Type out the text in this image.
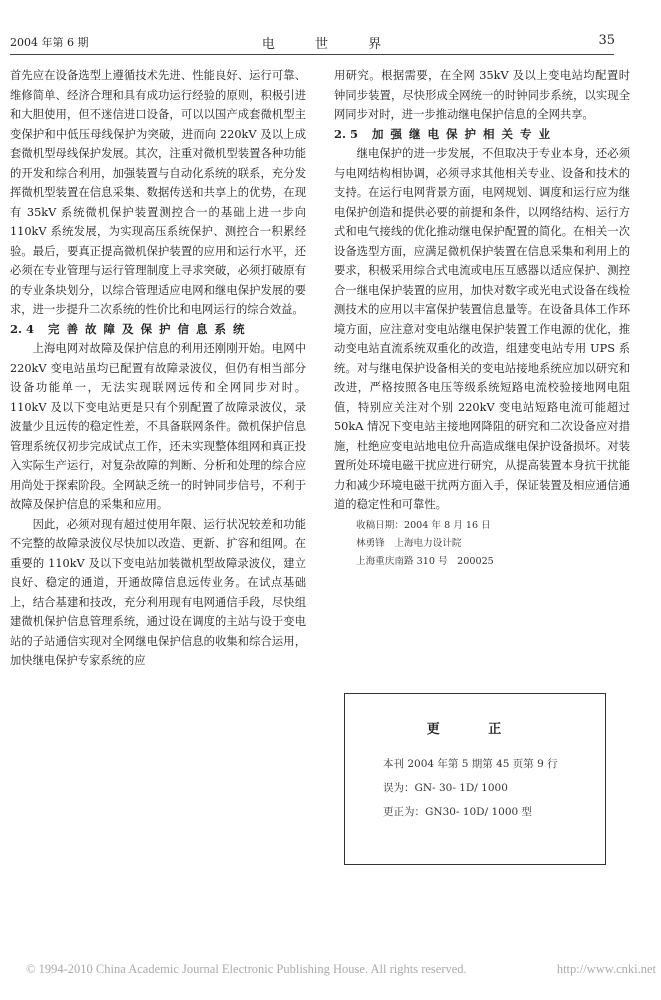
2004 年第 6 期	电 世 界	35

首先应在设备选型上遵循技术先进、性能良好、运行可靠、维修简单、经济合理和具有成功运行经验的原则，积极引进和大胆使用，但不迷信进口设备，可以以国产成套微机型主变保护和中低压母线保护为突破，进而向 220kV 及以上成套微机型母线保护发展。其次，注重对微机型装置各种功能的开发和综合利用，加强装置与自动化系统的联系，充分发挥微机型装置在信息采集、数据传送和共享上的优势，在现有 35kV 系统微机保护装置测控合一的基础上进一步向 110kV 系统发展，为实现高压系统保护、测控合一积累经验。最后，要真正提高微机保护装置的应用和运行水平，还必须在专业管理与运行管理制度上寻求突破，必须打破原有的专业条块划分，以综合管理适应电网和继电保护发展的要求，进一步提升二次系统的性价比和电网运行的综合效益。

2. 4 完善故障及保护信息系统

上海电网对故障及保护信息的利用还刚刚开始。电网中 220kV 变电站虽均已配置有故障录波仪，但仍有相当部分设备功能单一，无法实现联网远传和全网同步对时。110kV 及以下变电站更是只有个别配置了故障录波仪，录波量少且远传的稳定性差，不具备联网条件。微机保护信息管理系统仅初步完成试点工作，还未实现整体组网和真正投入实际生产运行，对复杂故障的判断、分析和处理的综合应用尚处于探索阶段。全网缺乏统一的时钟同步信号，不利于故障及保护信息的采集和应用。

因此，必须对现有超过使用年限、运行状况较差和功能不完整的故障录波仪尽快加以改造、更新、扩容和组网。在重要的 110kV 及以下变电站加装微机型故障录波仪，建立良好、稳定的通道，开通故障信息远传业务。在试点基础上，结合基建和技改，充分利用现有电网通信手段，尽快组建微机保护信息管理系统，通过设在调度的主站与设于变电站的子站通信实现对全网继电保护信息的收集和综合运用，加快继电保护专家系统的应

用研究。根据需要，在全网 35kV 及以上变电站均配置时钟同步装置，尽快形成全网统一的时钟同步系统，以实现全网同步对时，进一步推动继电保护信息的全网共享。

2. 5 加强继电保护相关专业

继电保护的进一步发展，不但取决于专业本身，还必须与电网结构相协调，必须寻求其他相关专业、设备和技术的支持。在运行电网背景方面，电网规划、调度和运行应为继电保护创造和提供必要的前提和条件，以网络结构、运行方式和电气接线的优化推动继电保护配置的简化。在相关一次设备选型方面，应满足微机保护装置在信息采集和利用上的要求，积极采用综合式电流或电压互感器以适应保护、测控合一继电保护装置的应用，加快对数字或光电式设备在线检测技术的应用以丰富保护装置信息量等。在设备具体工作环境方面，应注意对变电站继电保护装置工作电源的优化，推动变电站直流系统双重化的改造，组建变电站专用 UPS 系统。对与继电保护设备相关的变电站接地系统应加以研究和改进，严格按照各电压等级系统短路电流校验接地网电阻值，特别应关注对个别 220kV 变电站短路电流可能超过 50kA 情况下变电站主接地网降阻的研究和二次设备应对措施，杜绝应变电站地电位升高造成继电保护设备损坏。对装置所处环境电磁干扰应进行研究，从提高装置本身抗干扰能力和减少环境电磁干扰两方面入手，保证装置及相应通信通道的稳定性和可靠性。

收稿日期：2004 年 8 月 16 日
林勇锋　上海电力设计院
上海重庆南路 310 号　200025
更 正
本刊 2004 年第 5 期第 45 页第 9 行
误为：GN- 30- 1D/ 1000
更正为：GN30- 10D/ 1000 型
© 1994-2010 China Academic Journal Electronic Publishing House. All rights reserved.	http://www.cnki.net
